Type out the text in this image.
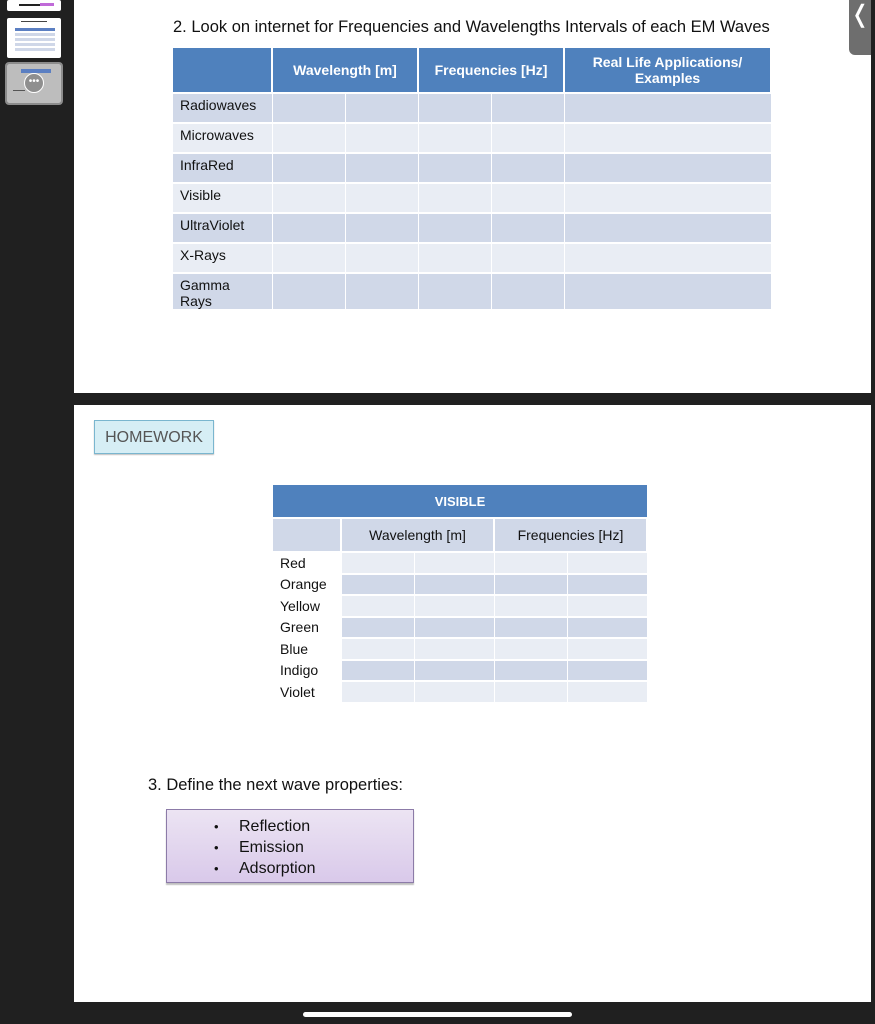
•••
❬
2. Look on internet for Frequencies and Wavelengths Intervals of each EM Waves
	Wavelength [m]		Frequencies [Hz]		Real Life Applications/ Examples
Radiowaves					
Microwaves					
InfraRed					
Visible					
UltraViolet					
X-Rays					
Gamma Rays					
HOMEWORK
VISIBLE				
	Wavelength [m]		Frequencies [Hz]	
Red				
Orange				
Yellow				
Green				
Blue				
Indigo				
Violet				
3. Define the next wave properties:
• Reflection
• Emission
• Adsorption
